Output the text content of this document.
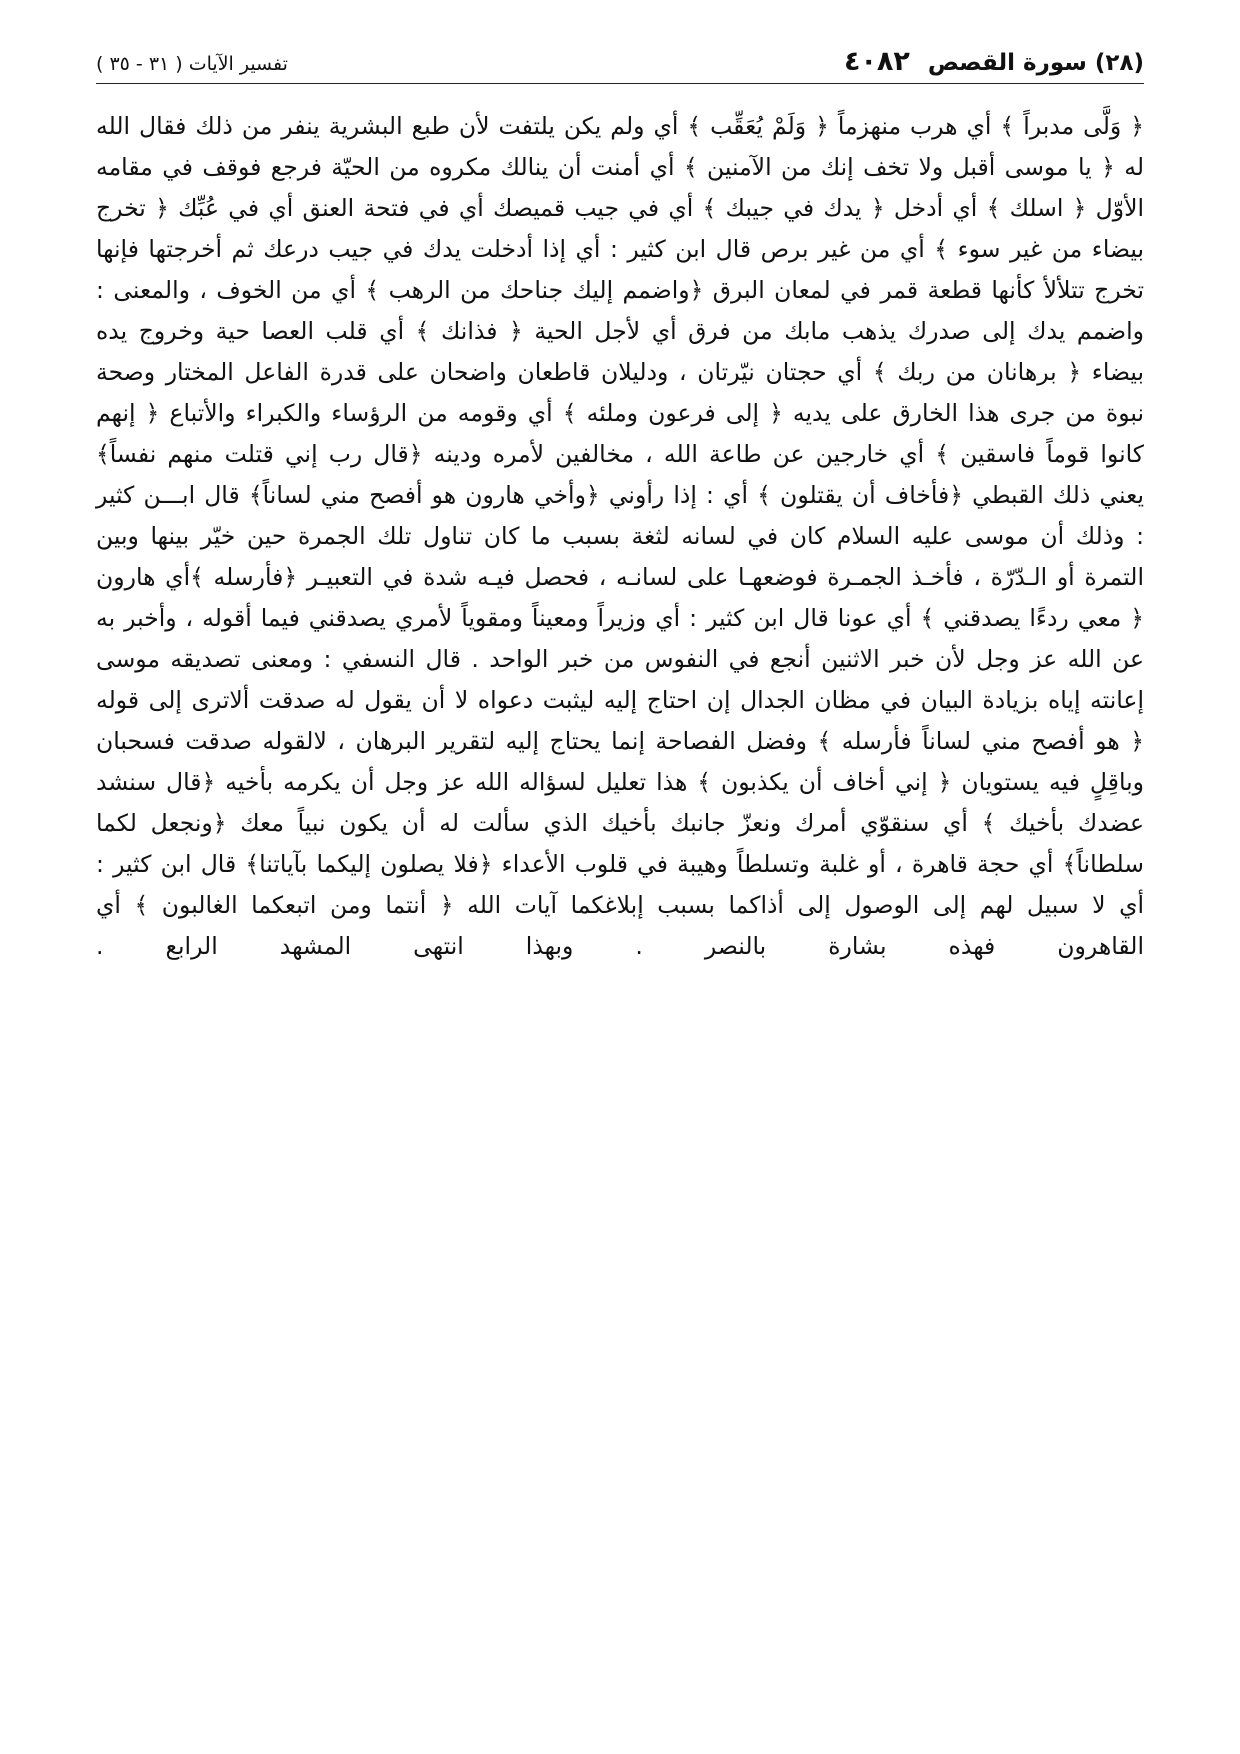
(٢٨) سورة القصص ٤٠٨٢
تفسير الآيات ( ٣١ - ٣٥ )
﴿ وَلَّى مدبراً ﴾ أي هرب منهزماً ﴿ وَلَمْ يُعَقِّب ﴾ أي ولم يكن يلتفت لأن طبع البشرية ينفر من ذلك فقال الله له ﴿ يا موسى أقبل ولا تخف إنك من الآمنين ﴾ أي أمنت أن ينالك مكروه من الحيّة فرجع فوقف في مقامه الأوّل ﴿ اسلك ﴾ أي أدخل ﴿ يدك في جيبك ﴾ أي في جيب قميصك أي في فتحة العنق أي في عُبِّك ﴿ تخرج بيضاء من غير سوء ﴾ أي من غير برص قال ابن كثير : أي إذا أدخلت يدك في جيب درعك ثم أخرجتها فإنها تخرج تتلألأ كأنها قطعة قمر في لمعان البرق ﴿واضمم إليك جناحك من الرهب ﴾ أي من الخوف ، والمعنى : واضمم يدك إلى صدرك يذهب مابك من فرق أي لأجل الحية ﴿ فذانك ﴾ أي قلب العصا حية وخروج يده بيضاء ﴿ برهانان من ربك ﴾ أي حجتان نيّرتان ، ودليلان قاطعان واضحان على قدرة الفاعل المختار وصحة نبوة من جرى هذا الخارق على يديه ﴿ إلى فرعون وملئه ﴾ أي وقومه من الرؤساء والكبراء والأتباع ﴿ إنهم كانوا قوماً فاسقين ﴾ أي خارجين عن طاعة الله ، مخالفين لأمره ودينه ﴿قال رب إني قتلت منهم نفساً﴾ يعني ذلك القبطي ﴿فأخاف أن يقتلون ﴾ أي : إذا رأوني ﴿وأخي هارون هو أفصح مني لساناً﴾ قال ابـــن كثير : وذلك أن موسى عليه السلام كان في لسانه لثغة بسبب ما كان تناول تلك الجمرة حين خيّر بينها وبين التمرة أو الـدّرّة ، فأخـذ الجمـرة فوضعهـا على لسانـه ، فحصل فيـه شدة في التعبيـر ﴿فأرسله ﴾أي هارون ﴿ معي ردءًا يصدقني ﴾ أي عونا قال ابن كثير : أي وزيراً ومعيناً ومقوياً لأمري يصدقني فيما أقوله ، وأخبر به عن الله عز وجل لأن خبر الاثنين أنجع في النفوس من خبر الواحد . قال النسفي : ومعنى تصديقه موسى إعانته إياه بزيادة البيان في مظان الجدال إن احتاج إليه ليثبت دعواه لا أن يقول له صدقت ألاترى إلى قوله ﴿ هو أفصح مني لساناً فأرسله ﴾ وفضل الفصاحة إنما يحتاج إليه لتقرير البرهان ، لالقوله صدقت فسحبان وباقِلٍ فيه يستويان ﴿ إني أخاف أن يكذبون ﴾ هذا تعليل لسؤاله الله عز وجل أن يكرمه بأخيه ﴿قال سنشد عضدك بأخيك ﴾ أي سنقوّي أمرك ونعزّ جانبك بأخيك الذي سألت له أن يكون نبياً معك ﴿ونجعل لكما سلطاناً﴾ أي حجة قاهرة ، أو غلبة وتسلطاً وهيبة في قلوب الأعداء ﴿فلا يصلون إليكما بآياتنا﴾ قال ابن كثير : أي لا سبيل لهم إلى الوصول إلى أذاكما بسبب إبلاغكما آيات الله ﴿ أنتما ومن اتبعكما الغالبون ﴾ أي القاهرون فهذه بشارة بالنصر . وبهذا انتهى المشهد الرابع .
